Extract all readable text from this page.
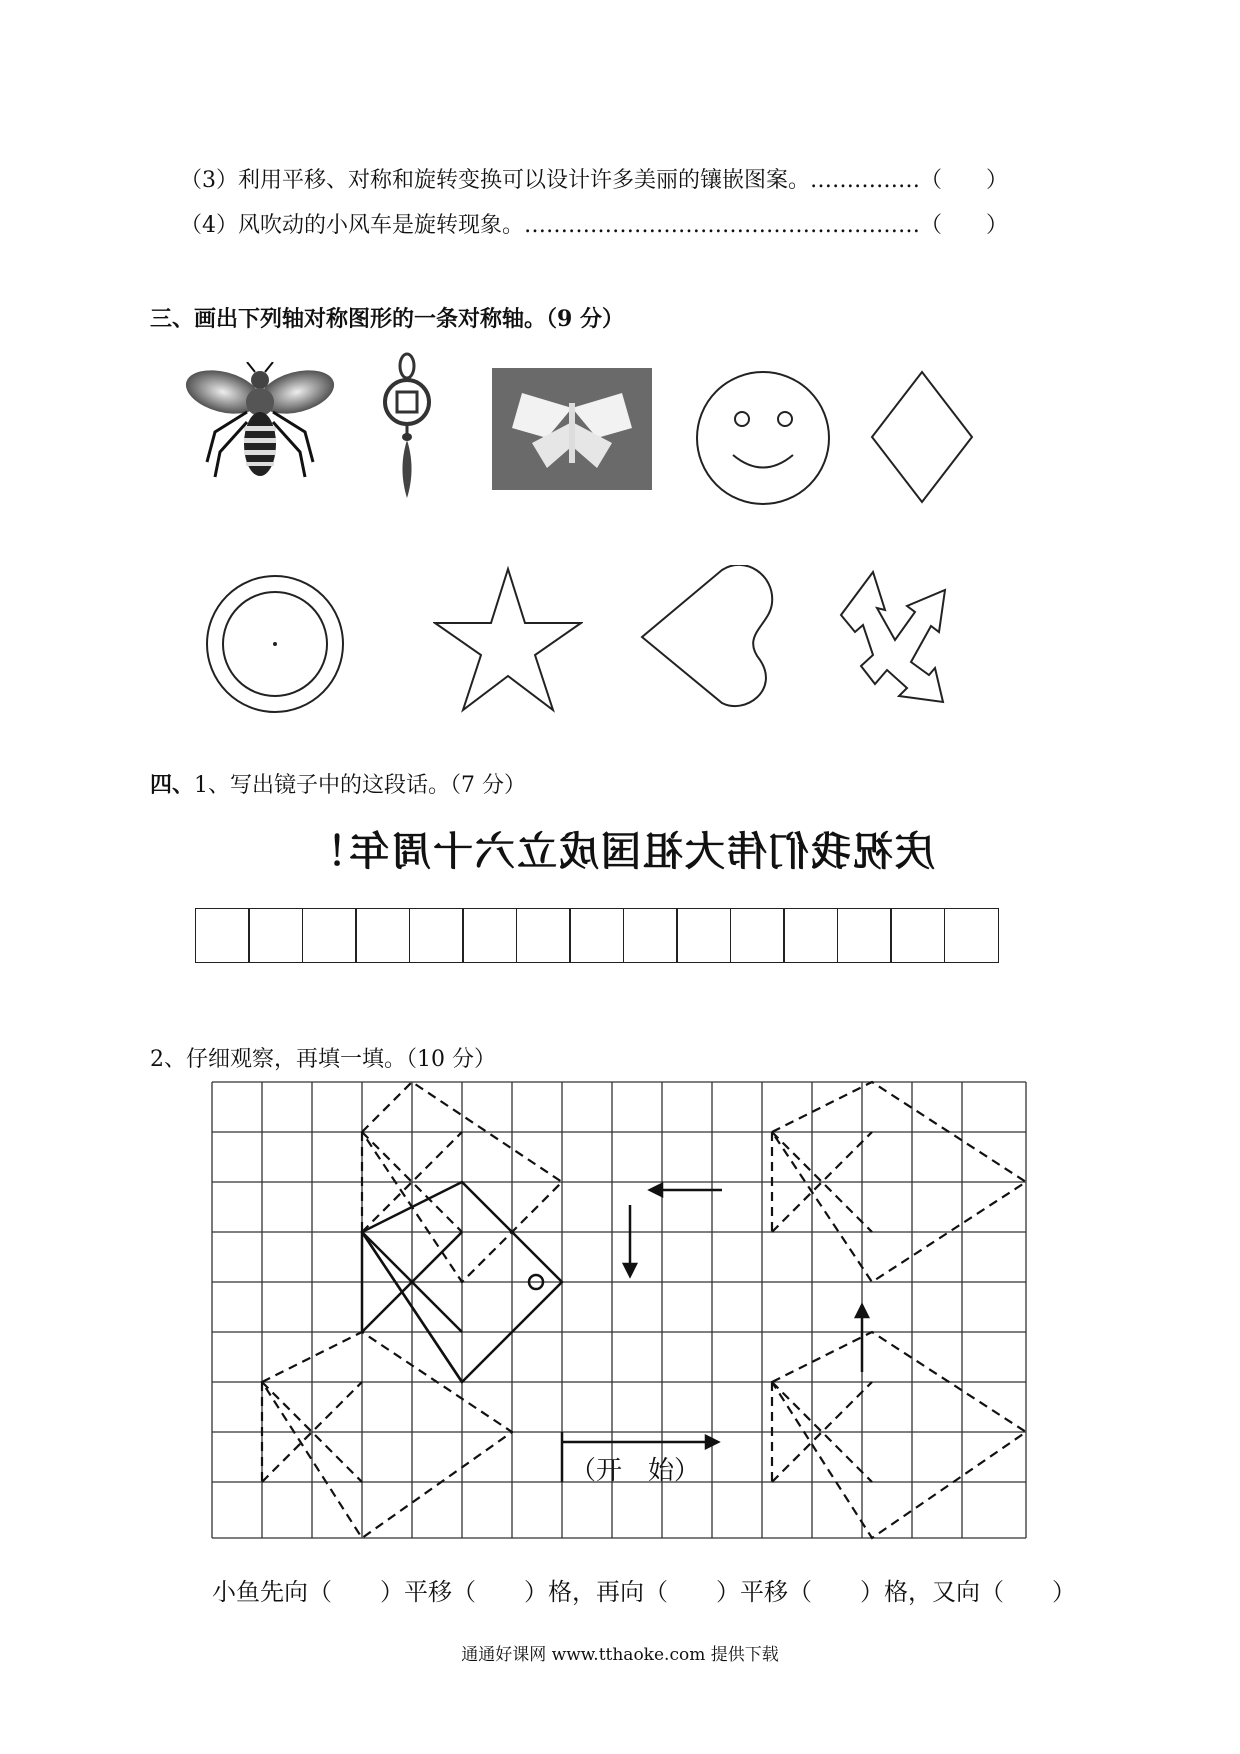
（3）利用平移、对称和旋转变换可以设计许多美丽的镶嵌图案。……………（　　）
（4）风吹动的小风车是旋转现象。………………………………………………（　　）
三、画出下列轴对称图形的一条对称轴。（9 分）
四、1、写出镜子中的这段话。（7 分）
庆祝我们伟大祖国成立六十周年！
2、仔细观察，再填一填。（10 分）
（开　始）
小鱼先向（　　）平移（　　）格，再向（　　）平移（　　）格，又向（　　）
通通好课网 www.tthaoke.com 提供下载
